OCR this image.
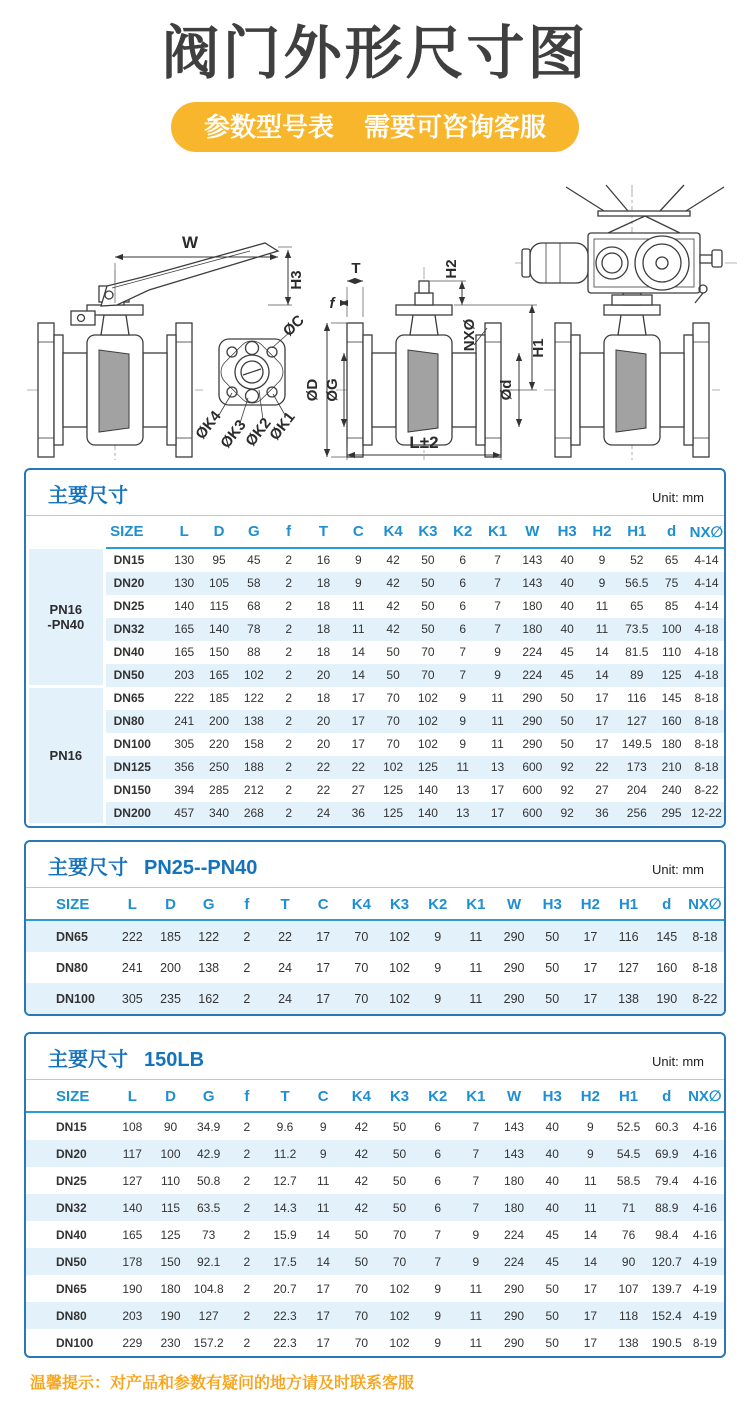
阀门外形尺寸图
参数型号表 需要可咨询客服
W
H3
ØC
ØK4
ØK3
ØK2
ØK1
T
f
ØD ØG
NXØ
H2
H1
Ød
L±2
主要尺寸	Unit: mm
	SIZE	L	D	G	f	T	C	K4	K3	K2	K1	W	H3	H2	H1	d	NX∅

PN16
-PN40	DN15	130	95	45	2	16	9	42	50	6	7	143	40	9	52	65	4-14
	DN20	130	105	58	2	18	9	42	50	6	7	143	40	9	56.5	75	4-14
	DN25	140	115	68	2	18	11	42	50	6	7	180	40	11	65	85	4-14
	DN32	165	140	78	2	18	11	42	50	6	7	180	40	11	73.5	100	4-18
	DN40	165	150	88	2	18	14	50	70	7	9	224	45	14	81.5	110	4-18
	DN50	203	165	102	2	20	14	50	70	7	9	224	45	14	89	125	4-18

PN16	DN65	222	185	122	2	18	17	70	102	9	11	290	50	17	116	145	8-18
	DN80	241	200	138	2	20	17	70	102	9	11	290	50	17	127	160	8-18
	DN100	305	220	158	2	20	17	70	102	9	11	290	50	17	149.5	180	8-18
	DN125	356	250	188	2	22	22	102	125	11	13	600	92	22	173	210	8-18
	DN150	394	285	212	2	22	27	125	140	13	17	600	92	27	204	240	8-22
	DN200	457	340	268	2	24	36	125	140	13	17	600	92	36	256	295	12-22
主要尺寸 PN25--PN40	Unit: mm
SIZE	L	D	G	f	T	C	K4	K3	K2	K1	W	H3	H2	H1	d	NX∅
DN65	222	185	122	2	22	17	70	102	9	11	290	50	17	116	145	8-18
DN80	241	200	138	2	24	17	70	102	9	11	290	50	17	127	160	8-18
DN100	305	235	162	2	24	17	70	102	9	11	290	50	17	138	190	8-22
主要尺寸 150LB	Unit: mm
SIZE	L	D	G	f	T	C	K4	K3	K2	K1	W	H3	H2	H1	d	NX∅
DN15	108	90	34.9	2	9.6	9	42	50	6	7	143	40	9	52.5	60.3	4-16
DN20	117	100	42.9	2	11.2	9	42	50	6	7	143	40	9	54.5	69.9	4-16
DN25	127	110	50.8	2	12.7	11	42	50	6	7	180	40	11	58.5	79.4	4-16
DN32	140	115	63.5	2	14.3	11	42	50	6	7	180	40	11	71	88.9	4-16
DN40	165	125	73	2	15.9	14	50	70	7	9	224	45	14	76	98.4	4-16
DN50	178	150	92.1	2	17.5	14	50	70	7	9	224	45	14	90	120.7	4-19
DN65	190	180	104.8	2	20.7	17	70	102	9	11	290	50	17	107	139.7	4-19
DN80	203	190	127	2	22.3	17	70	102	9	11	290	50	17	118	152.4	4-19
DN100	229	230	157.2	2	22.3	17	70	102	9	11	290	50	17	138	190.5	8-19
温馨提示：对产品和参数有疑问的地方请及时联系客服
